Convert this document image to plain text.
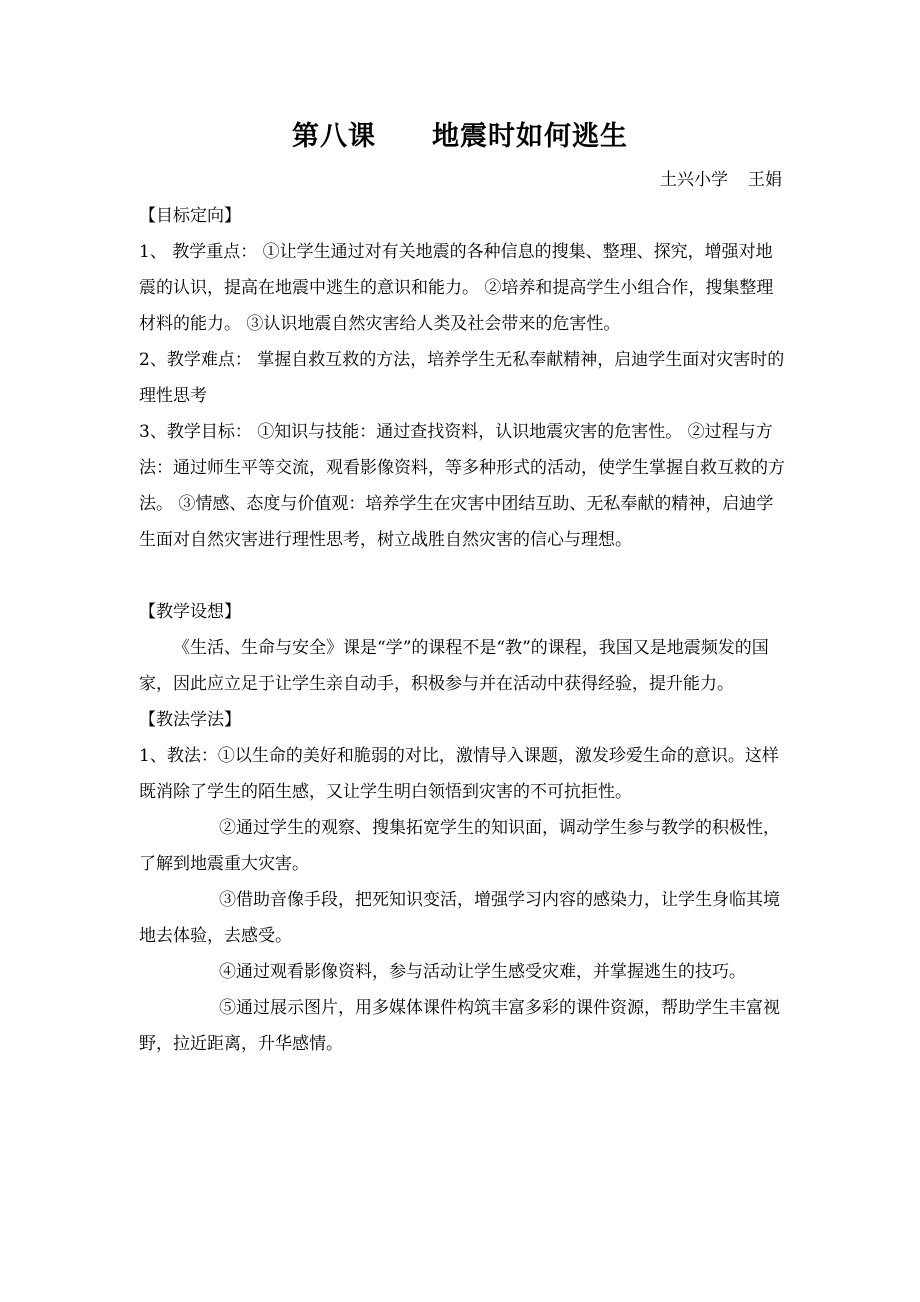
第八课 地震时如何逃生
土兴小学 王娟

【目标定向】

1、 教学重点： ①让学生通过对有关地震的各种信息的搜集、整理、探究，增强对地震的认识，提高在地震中逃生的意识和能力。 ②培养和提高学生小组合作，搜集整理材料的能力。 ③认识地震自然灾害给人类及社会带来的危害性。

2、教学难点： 掌握自救互救的方法，培养学生无私奉献精神，启迪学生面对灾害时的理性思考

3、教学目标： ①知识与技能：通过查找资料，认识地震灾害的危害性。 ②过程与方法：通过师生平等交流，观看影像资料，等多种形式的活动，使学生掌握自救互救的方法。 ③情感、态度与价值观：培养学生在灾害中团结互助、无私奉献的精神，启迪学生面对自然灾害进行理性思考，树立战胜自然灾害的信心与理想。

【教学设想】

《生活、生命与安全》课是“学”的课程不是“教”的课程，我国又是地震频发的国家，因此应立足于让学生亲自动手，积极参与并在活动中获得经验，提升能力。

【教法学法】

1、教法：①以生命的美好和脆弱的对比，激情导入课题，激发珍爱生命的意识。这样既消除了学生的陌生感，又让学生明白领悟到灾害的不可抗拒性。

②通过学生的观察、搜集拓宽学生的知识面，调动学生参与教学的积极性，了解到地震重大灾害。

③借助音像手段，把死知识变活，增强学习内容的感染力，让学生身临其境地去体验，去感受。

④通过观看影像资料，参与活动让学生感受灾难，并掌握逃生的技巧。

⑤通过展示图片，用多媒体课件构筑丰富多彩的课件资源，帮助学生丰富视野，拉近距离，升华感情。
